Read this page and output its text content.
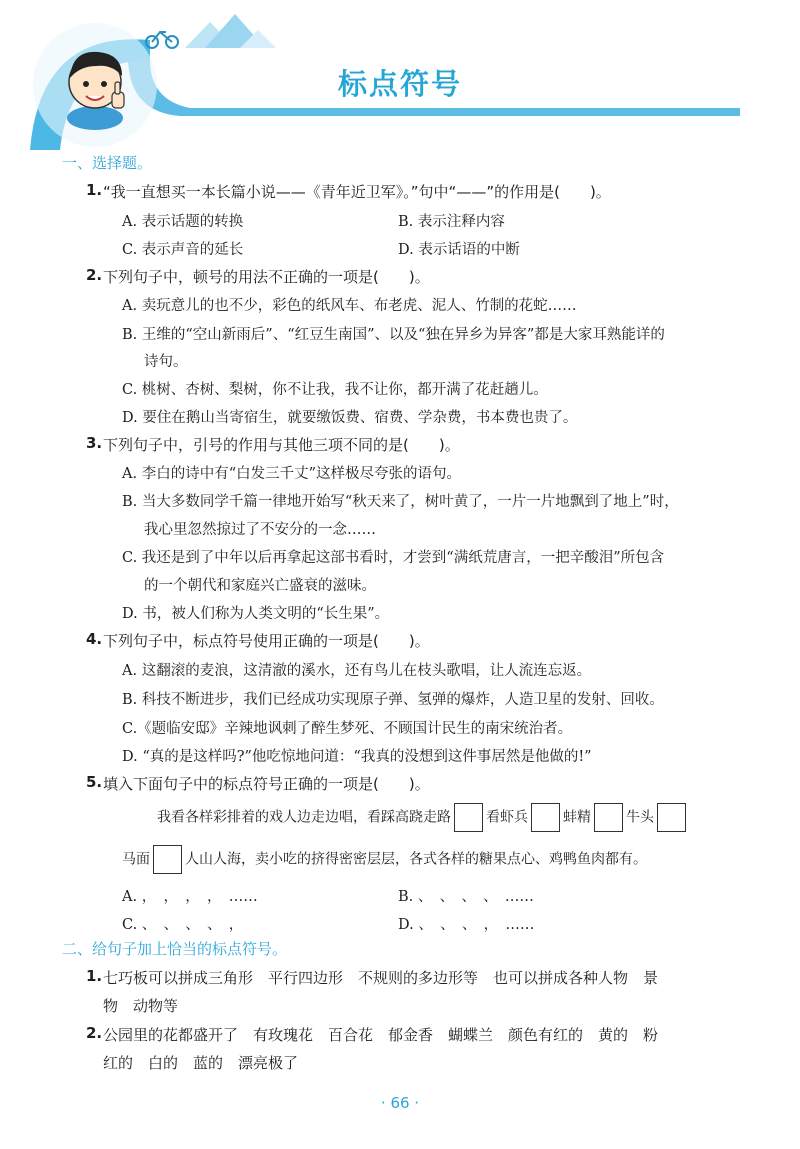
标点符号
一、选择题。
1. “我一直想买一本长篇小说——《青年近卫军》。”句中“——”的作用是(　　)。
A. 表示话题的转换	B. 表示注释内容
C. 表示声音的延长	D. 表示话语的中断
2. 下列句子中，顿号的用法不正确的一项是(　　)。
A. 卖玩意儿的也不少，彩色的纸风车、布老虎、泥人、竹制的花蛇……
B. 王维的“空山新雨后”、“红豆生南国”、以及“独在异乡为异客”都是大家耳熟能详的
诗句。
C. 桃树、杏树、梨树，你不让我，我不让你，都开满了花赶趟儿。
D. 要住在鹅山当寄宿生，就要缴饭费、宿费、学杂费，书本费也贵了。
3. 下列句子中，引号的作用与其他三项不同的是(　　)。
A. 李白的诗中有“白发三千丈”这样极尽夸张的语句。
B. 当大多数同学千篇一律地开始写“秋天来了，树叶黄了，一片一片地飘到了地上”时，
我心里忽然掠过了不安分的一念……
C. 我还是到了中年以后再拿起这部书看时，才尝到“满纸荒唐言，一把辛酸泪”所包含
的一个朝代和家庭兴亡盛衰的滋味。
D. 书，被人们称为人类文明的“长生果”。
4. 下列句子中，标点符号使用正确的一项是(　　)。
A. 这翻滚的麦浪，这清澈的溪水，还有鸟儿在枝头歌唱，让人流连忘返。
B. 科技不断进步，我们已经成功实现原子弹、氢弹的爆炸，人造卫星的发射、回收。
C.《题临安邸》辛辣地讽刺了醉生梦死、不顾国计民生的南宋统治者。
D. “真的是这样吗?”他吃惊地问道：“我真的没想到这件事居然是他做的!”
5. 填入下面句子中的标点符号正确的一项是(　　)。
我看各样彩排着的戏人边走边唱，看踩高跷走路	看虾兵	蚌精	牛头
马面	人山人海，卖小吃的挤得密密层层，各式各样的糖果点心、鸡鸭鱼肉都有。
A. ，　，　，　，　……	B. 、　、　、　、　……
C. 、　、　、　、　，	D. 、　、　、　，　……
二、给句子加上恰当的标点符号。
1. 七巧板可以拼成三角形　平行四边形　不规则的多边形等　也可以拼成各种人物　景
物　动物等
2. 公园里的花都盛开了　有玫瑰花　百合花　郁金香　蝴蝶兰　颜色有红的　黄的　粉
红的　白的　蓝的　漂亮极了
· 66 ·
